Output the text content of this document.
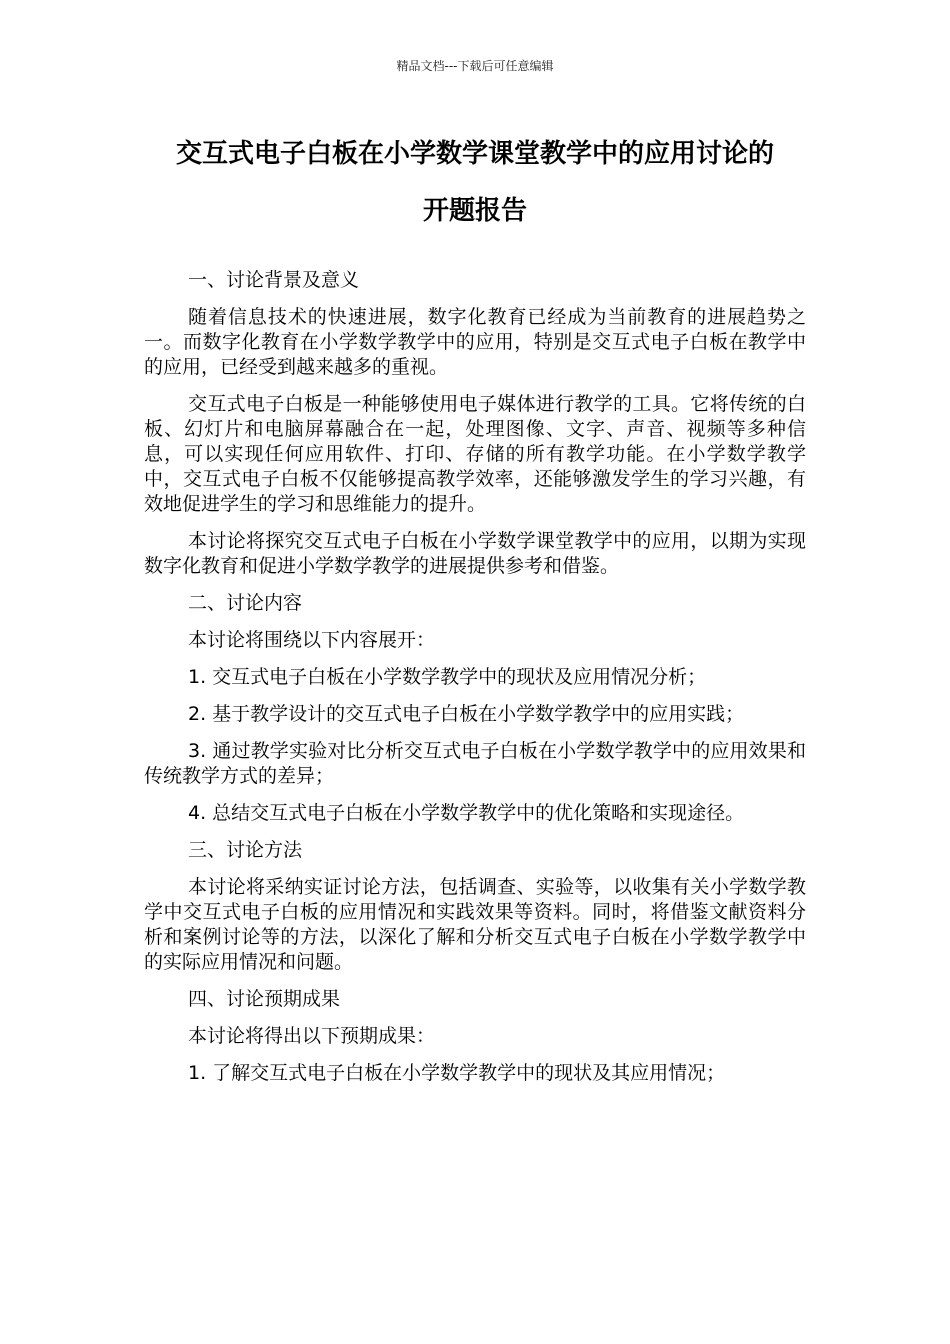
精品文档---下载后可任意编辑
交互式电子白板在小学数学课堂教学中的应用讨论的
开题报告

一、讨论背景及意义

随着信息技术的快速进展，数字化教育已经成为当前教育的进展趋势之一。而数字化教育在小学数学教学中的应用，特别是交互式电子白板在教学中的应用，已经受到越来越多的重视。

交互式电子白板是一种能够使用电子媒体进行教学的工具。它将传统的白板、幻灯片和电脑屏幕融合在一起，处理图像、文字、声音、视频等多种信息，可以实现任何应用软件、打印、存储的所有教学功能。在小学数学教学中，交互式电子白板不仅能够提高教学效率，还能够激发学生的学习兴趣，有效地促进学生的学习和思维能力的提升。

本讨论将探究交互式电子白板在小学数学课堂教学中的应用，以期为实现数字化教育和促进小学数学教学的进展提供参考和借鉴。

二、讨论内容

本讨论将围绕以下内容展开：

1. 交互式电子白板在小学数学教学中的现状及应用情况分析；

2. 基于教学设计的交互式电子白板在小学数学教学中的应用实践；

3. 通过教学实验对比分析交互式电子白板在小学数学教学中的应用效果和传统教学方式的差异；

4. 总结交互式电子白板在小学数学教学中的优化策略和实现途径。

三、讨论方法

本讨论将采纳实证讨论方法，包括调查、实验等，以收集有关小学数学教学中交互式电子白板的应用情况和实践效果等资料。同时，将借鉴文献资料分析和案例讨论等的方法，以深化了解和分析交互式电子白板在小学数学教学中的实际应用情况和问题。

四、讨论预期成果

本讨论将得出以下预期成果：

1. 了解交互式电子白板在小学数学教学中的现状及其应用情况；
